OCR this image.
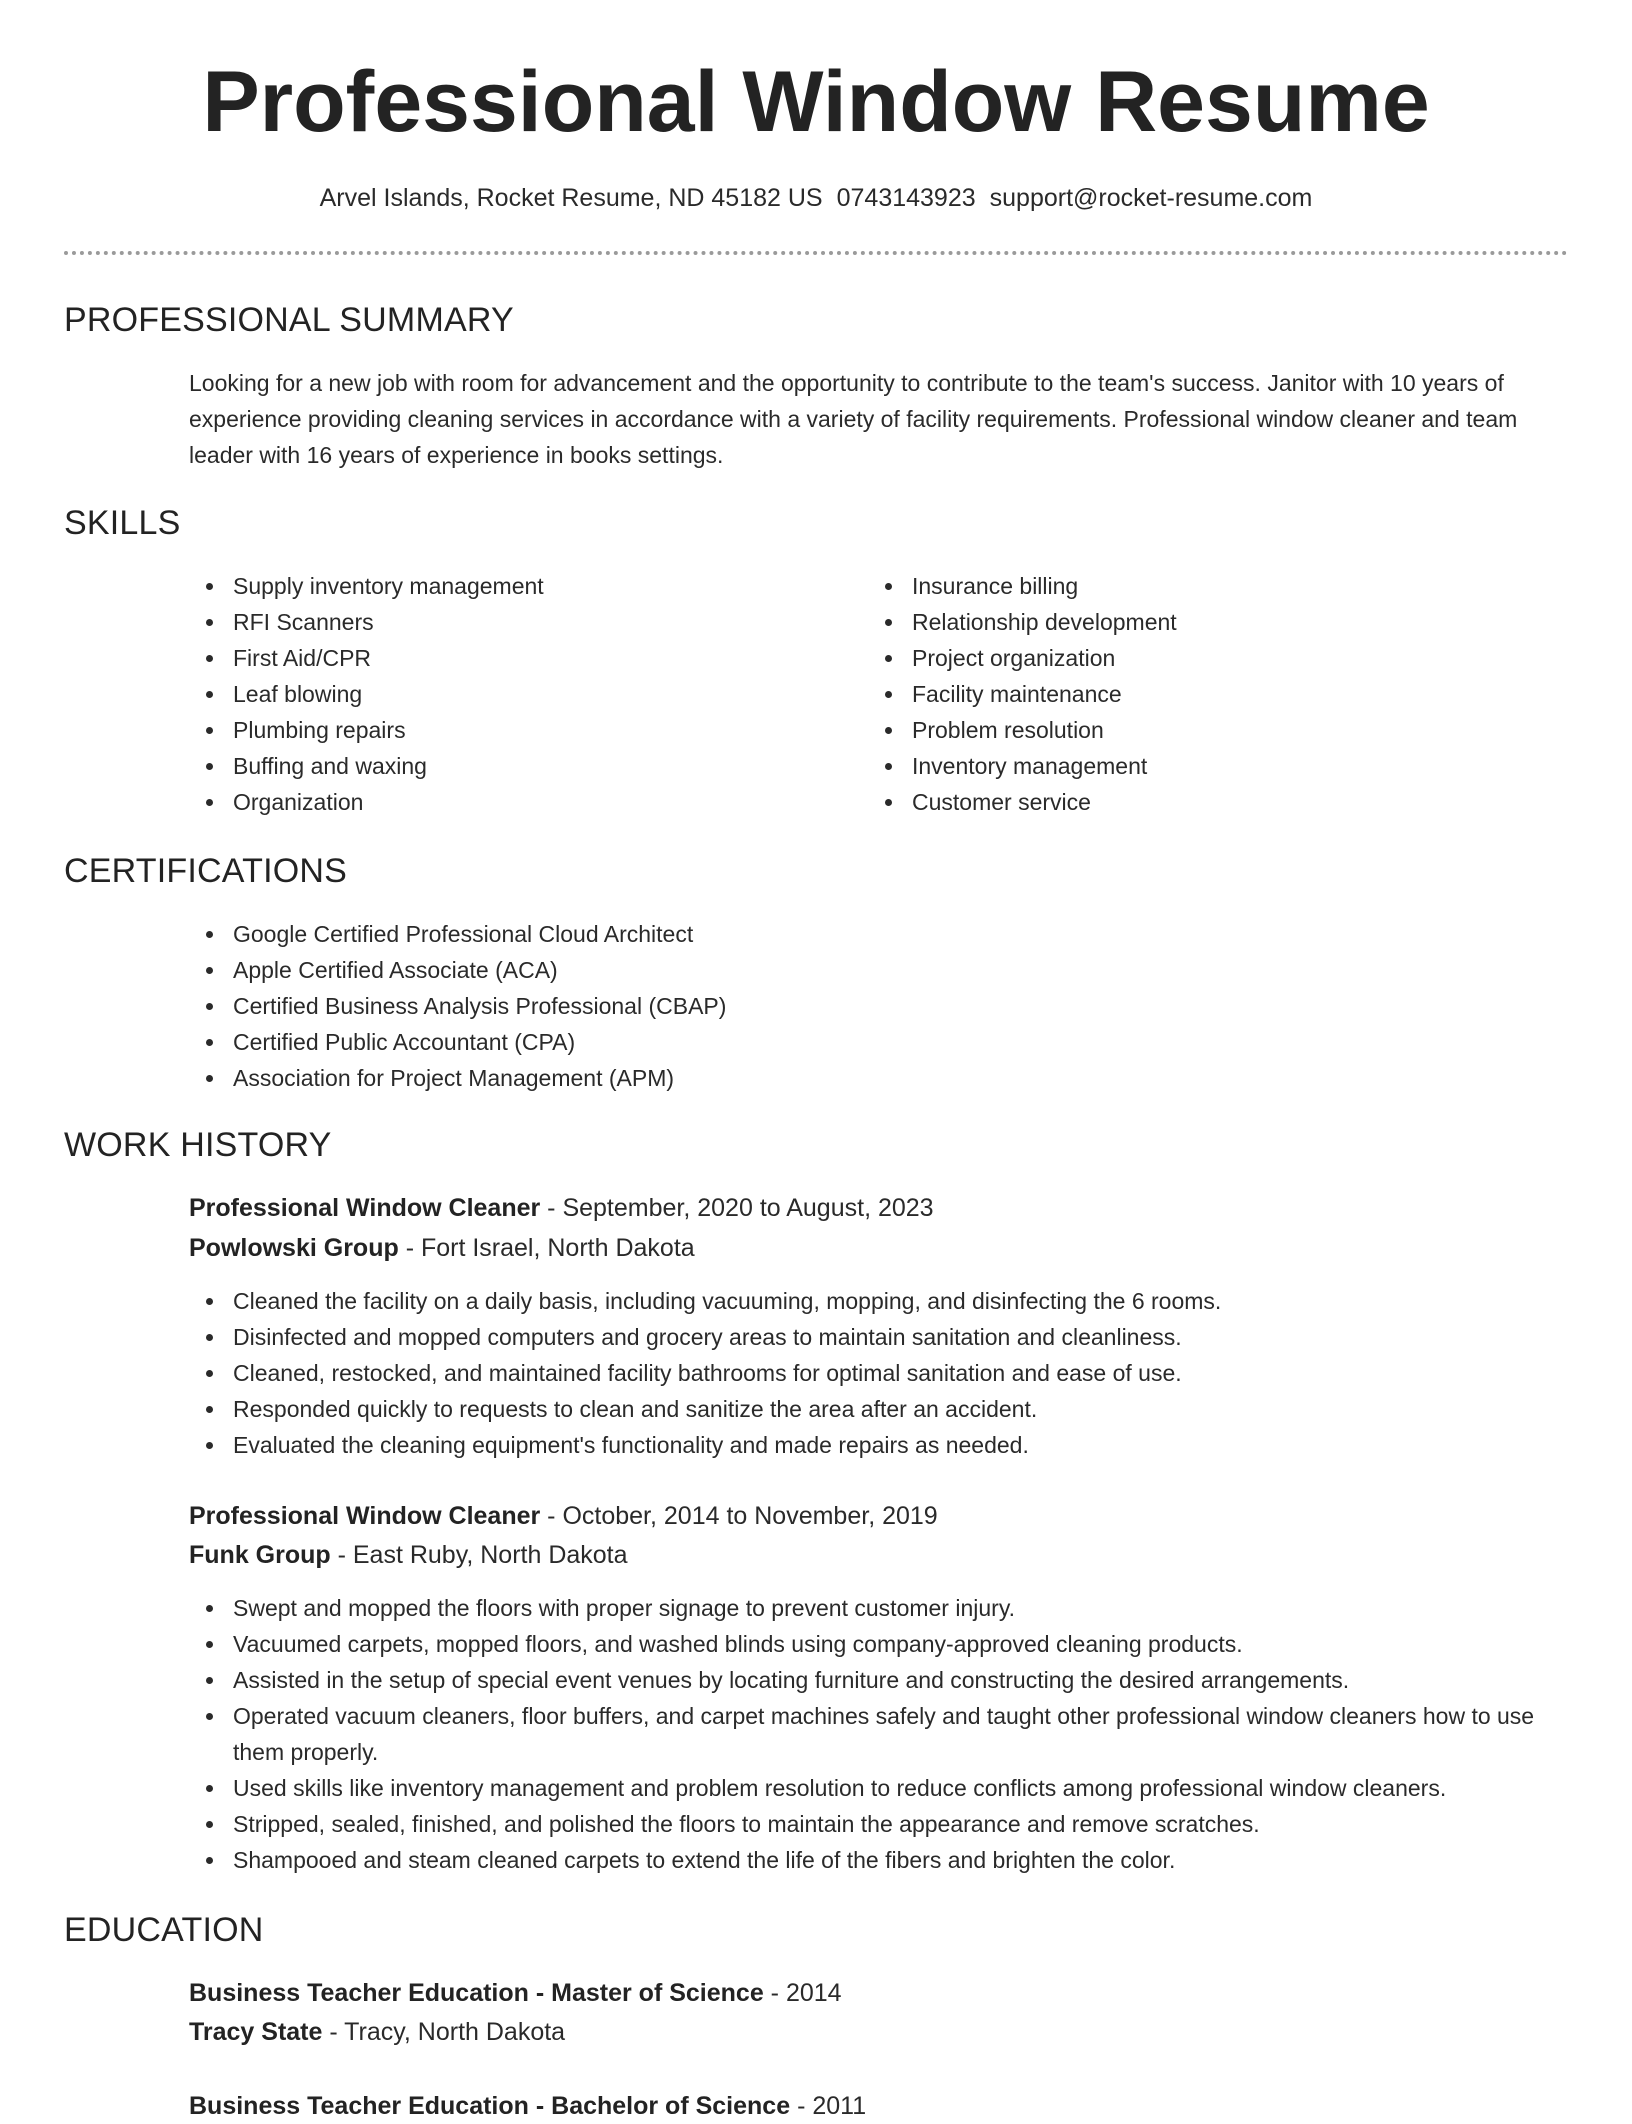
Professional Window Resume
Arvel Islands, Rocket Resume, ND 45182 US 0743143923 support@rocket-resume.com
PROFESSIONAL SUMMARY

Looking for a new job with room for advancement and the opportunity to contribute to the team's success. Janitor with 10 years of experience providing cleaning services in accordance with a variety of facility requirements. Professional window cleaner and team leader with 16 years of experience in books settings.

SKILLS
Supply inventory management
RFI Scanners
First Aid/CPR
Leaf blowing
Plumbing repairs
Buffing and waxing
Organization
Insurance billing
Relationship development
Project organization
Facility maintenance
Problem resolution
Inventory management
Customer service
CERTIFICATIONS
Google Certified Professional Cloud Architect
Apple Certified Associate (ACA)
Certified Business Analysis Professional (CBAP)
Certified Public Accountant (CPA)
Association for Project Management (APM)
WORK HISTORY
Professional Window Cleaner - September, 2020 to August, 2023
Powlowski Group - Fort Israel, North Dakota
Cleaned the facility on a daily basis, including vacuuming, mopping, and disinfecting the 6 rooms.
Disinfected and mopped computers and grocery areas to maintain sanitation and cleanliness.
Cleaned, restocked, and maintained facility bathrooms for optimal sanitation and ease of use.
Responded quickly to requests to clean and sanitize the area after an accident.
Evaluated the cleaning equipment's functionality and made repairs as needed.
Professional Window Cleaner - October, 2014 to November, 2019
Funk Group - East Ruby, North Dakota
Swept and mopped the floors with proper signage to prevent customer injury.
Vacuumed carpets, mopped floors, and washed blinds using company-approved cleaning products.
Assisted in the setup of special event venues by locating furniture and constructing the desired arrangements.
Operated vacuum cleaners, floor buffers, and carpet machines safely and taught other professional window cleaners how to use them properly.
Used skills like inventory management and problem resolution to reduce conflicts among professional window cleaners.
Stripped, sealed, finished, and polished the floors to maintain the appearance and remove scratches.
Shampooed and steam cleaned carpets to extend the life of the fibers and brighten the color.
EDUCATION
Business Teacher Education - Master of Science - 2014
Tracy State - Tracy, North Dakota
Business Teacher Education - Bachelor of Science - 2011
